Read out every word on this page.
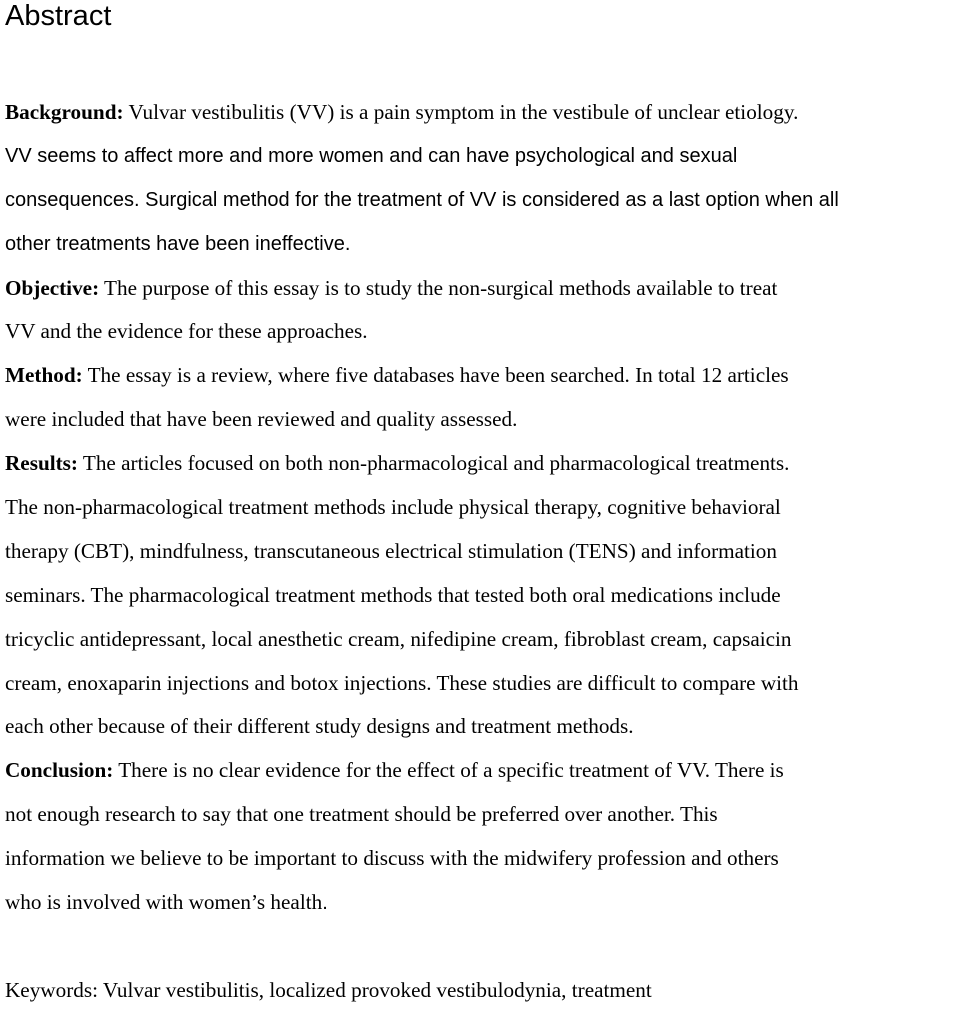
Abstract
Background: Vulvar vestibulitis (VV) is a pain symptom in the vestibule of unclear etiology.
VV seems to affect more and more women and can have psychological and sexual
consequences. Surgical method for the treatment of VV is considered as a last option when all
other treatments have been ineffective.
Objective: The purpose of this essay is to study the non-surgical methods available to treat
VV and the evidence for these approaches.
Method: The essay is a review, where five databases have been searched. In total 12 articles
were included that have been reviewed and quality assessed.
Results: The articles focused on both non-pharmacological and pharmacological treatments.
The non-pharmacological treatment methods include physical therapy, cognitive behavioral
therapy (CBT), mindfulness, transcutaneous electrical stimulation (TENS) and information
seminars. The pharmacological treatment methods that tested both oral medications include
tricyclic antidepressant, local anesthetic cream, nifedipine cream, fibroblast cream, capsaicin
cream, enoxaparin injections and botox injections. These studies are difficult to compare with
each other because of their different study designs and treatment methods.
Conclusion: There is no clear evidence for the effect of a specific treatment of VV. There is
not enough research to say that one treatment should be preferred over another. This
information we believe to be important to discuss with the midwifery profession and others
who is involved with women’s health.
Keywords: Vulvar vestibulitis, localized provoked vestibulodynia, treatment
